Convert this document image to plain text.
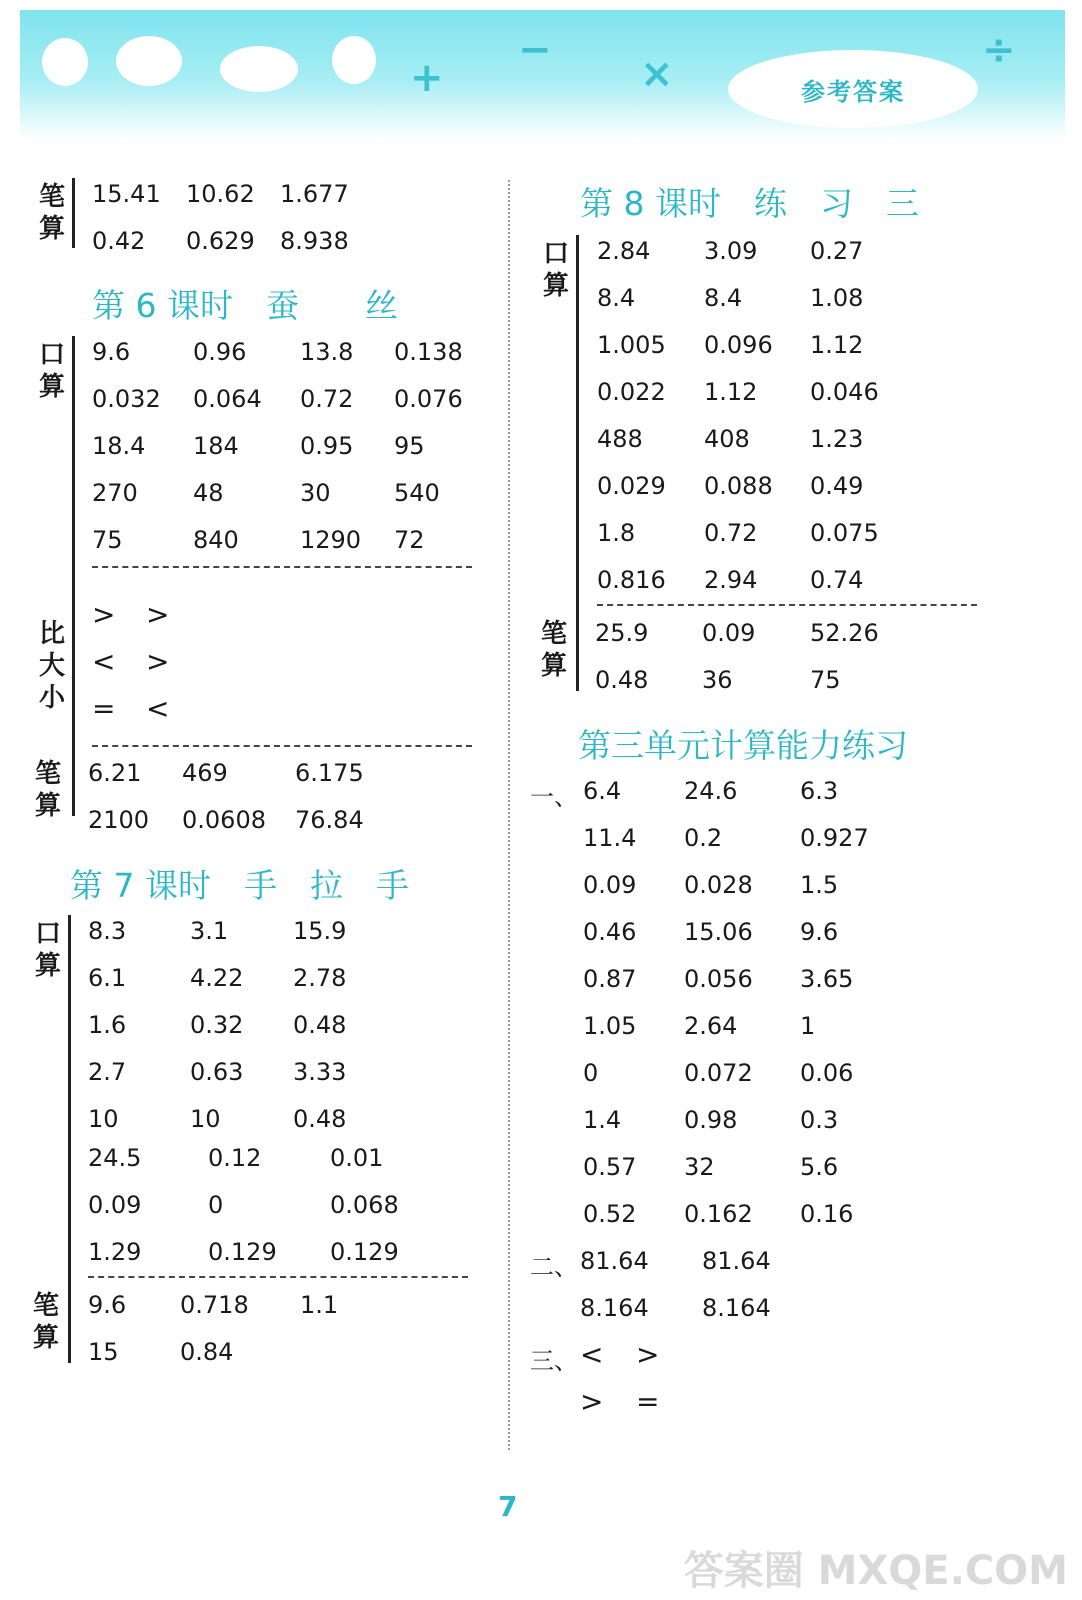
+
−
×
÷
参考答案
笔算
15.41 10.62 1.677
0.42 0.629 8.938
第 6 课时　蚕　　丝
口算
9.6	0.96 13.8 0.138
0.032 0.064 0.72 0.076
18.4 184	0.95 95
270 48	30	540
75	840	1290 72
比大小
> >
< >
= <
笔算
6.21 469	6.175
2100 0.0608 76.84
第 7 课时　手　拉　手
口算
8.3	3.1	15.9
6.1	4.22 2.78
1.6	0.32 0.48
2.7	0.63 3.33
10	10	0.48
24.5	0.12	0.01
0.09	0	0.068
1.29	0.129 0.129
笔算
9.6 0.718 1.1
15	0.84
第 8 课时　练　习　三
口算
2.84 3.09 0.27
8.4	8.4	1.08
1.005 0.096 1.12
0.022 1.12 0.046
488	408	1.23
0.029 0.088 0.49
1.8	0.72 0.075
0.816 2.94 0.74
笔算
25.9 0.09 52.26
0.48 36	75
第三单元计算能力练习
一、 6.4	24.6	6.3
11.4 0.2	0.927
0.09 0.028 1.5
0.46 15.06 9.6
0.87 0.056 3.65
1.05 2.64	1
0	0.072 0.06
1.4	0.98	0.3
0.57 32	5.6
0.52 0.162 0.16
二、 81.64 81.64
8.164 8.164
三、 < >
> =
7
答案圈 MXQE.COM
